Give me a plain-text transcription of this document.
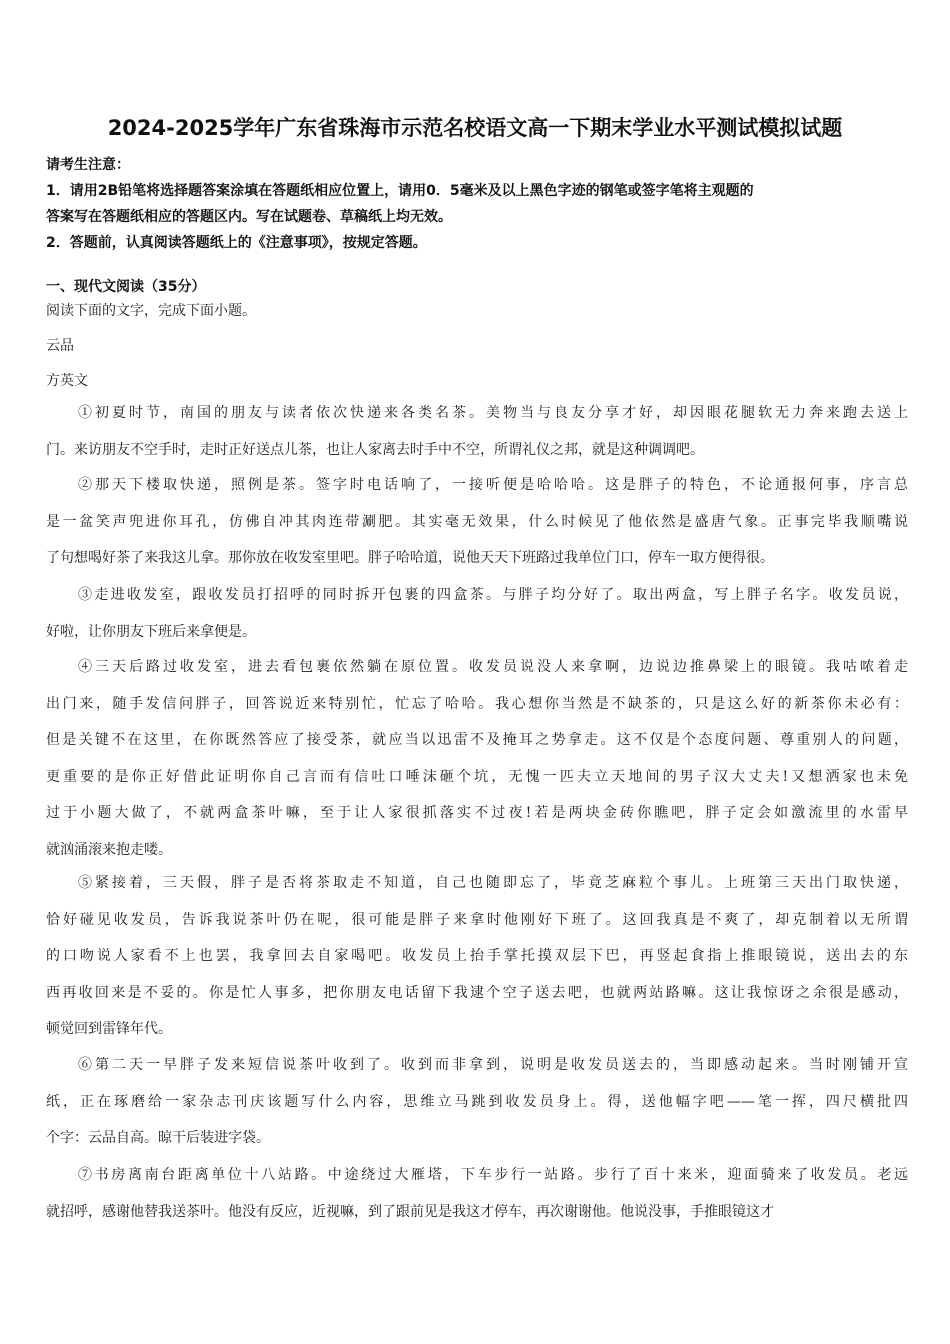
2024-2025学年广东省珠海市示范名校语文高一下期末学业水平测试模拟试题
请考生注意：
1．请用2B铅笔将选择题答案涂填在答题纸相应位置上，请用0．5毫米及以上黑色字迹的钢笔或签字笔将主观题的
答案写在答题纸相应的答题区内。写在试题卷、草稿纸上均无效。
2．答题前，认真阅读答题纸上的《注意事项》，按规定答题。
一、现代文阅读（35分）
阅读下面的文字，完成下面小题。
云品
方英文
①初夏时节，南国的朋友与读者依次快递来各类名茶。美物当与良友分享才好，却因眼花腿软无力奔来跑去送上
门。来访朋友不空手时，走时正好送点儿茶，也让人家离去时手中不空，所谓礼仪之邦，就是这种调调吧。
②那天下楼取快递，照例是茶。签字时电话响了，一接听便是哈哈哈。这是胖子的特色，不论通报何事，序言总
是一盆笑声兜进你耳孔，仿佛自冲其肉连带涮肥。其实毫无效果，什么时候见了他依然是盛唐气象。正事完毕我顺嘴说
了句想喝好茶了来我这儿拿。那你放在收发室里吧。胖子哈哈道，说他天天下班路过我单位门口，停车一取方便得很。
③走进收发室，跟收发员打招呼的同时拆开包裹的四盒茶。与胖子均分好了。取出两盒，写上胖子名字。收发员说，
好啦，让你朋友下班后来拿便是。
④三天后路过收发室，进去看包裹依然躺在原位置。收发员说没人来拿啊，边说边推鼻梁上的眼镜。我咕哝着走
出门来，随手发信问胖子，回答说近来特别忙，忙忘了哈哈。我心想你当然是不缺茶的，只是这么好的新茶你未必有：
但是关键不在这里，在你既然答应了接受茶，就应当以迅雷不及掩耳之势拿走。这不仅是个态度问题、尊重别人的问题，
更重要的是你正好借此证明你自己言而有信吐口唾沫砸个坑，无愧一匹夫立天地间的男子汉大丈夫!又想洒家也未免
过于小题大做了，不就两盒茶叶嘛，至于让人家很抓落实不过夜!若是两块金砖你瞧吧，胖子定会如激流里的水雷早
就汹涌滚来抱走喽。
⑤紧接着，三天假，胖子是否将茶取走不知道，自己也随即忘了，毕竟芝麻粒个事儿。上班第三天出门取快递，
恰好碰见收发员，告诉我说茶叶仍在呢，很可能是胖子来拿时他刚好下班了。这回我真是不爽了，却克制着以无所谓
的口吻说人家看不上也罢，我拿回去自家喝吧。收发员上抬手掌托摸双层下巴，再竖起食指上推眼镜说，送出去的东
西再收回来是不妥的。你是忙人事多，把你朋友电话留下我逮个空子送去吧，也就两站路嘛。这让我惊讶之余很是感动，
顿觉回到雷锋年代。
⑥第二天一早胖子发来短信说茶叶收到了。收到而非拿到，说明是收发员送去的，当即感动起来。当时刚铺开宣
纸，正在琢磨给一家杂志刊庆该题写什么内容，思维立马跳到收发员身上。得，送他幅字吧——笔一挥，四尺横批四
个字：云品自高。晾干后装进字袋。
⑦书房离南台距离单位十八站路。中途绕过大雁塔，下车步行一站路。步行了百十来米，迎面骑来了收发员。老远
就招呼，感谢他替我送茶叶。他没有反应，近视嘛，到了跟前见是我这才停车，再次谢谢他。他说没事，手推眼镜这才
